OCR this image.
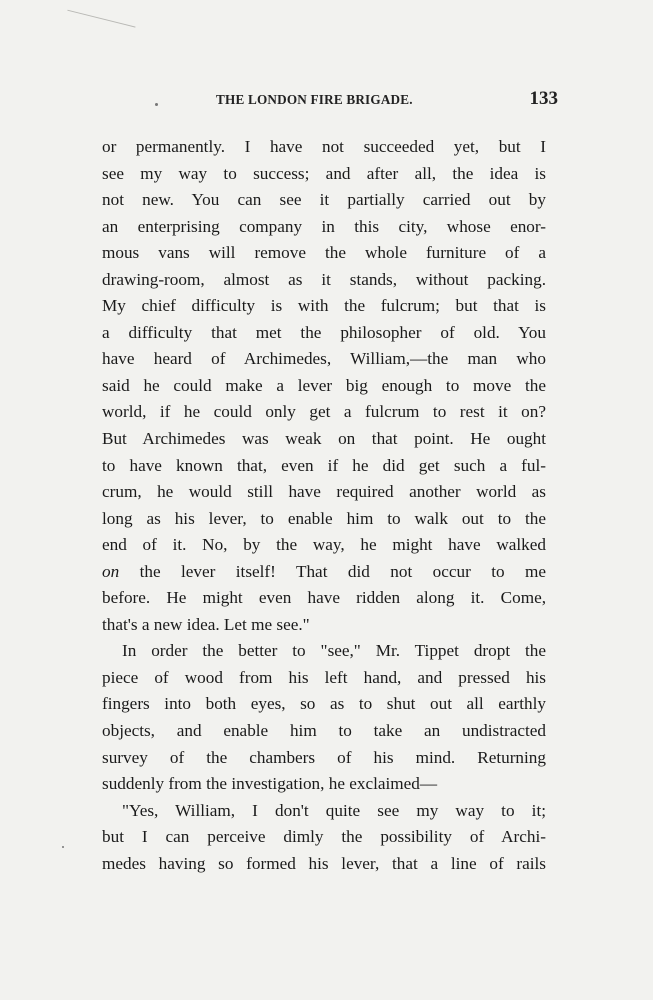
THE LONDON FIRE BRIGADE.	133
or permanently. I have not succeeded yet, but I
see my way to success; and after all, the idea is
not new. You can see it partially carried out by
an enterprising company in this city, whose enor-
mous vans will remove the whole furniture of a
drawing-room, almost as it stands, without packing.
My chief difficulty is with the fulcrum; but that is
a difficulty that met the philosopher of old. You
have heard of Archimedes, William,—the man who
said he could make a lever big enough to move the
world, if he could only get a fulcrum to rest it on?
But Archimedes was weak on that point. He ought
to have known that, even if he did get such a ful-
crum, he would still have required another world as
long as his lever, to enable him to walk out to the
end of it. No, by the way, he might have walked
on the lever itself! That did not occur to me
before. He might even have ridden along it. Come,
that's a new idea. Let me see."
In order the better to "see," Mr. Tippet dropt the
piece of wood from his left hand, and pressed his
fingers into both eyes, so as to shut out all earthly
objects, and enable him to take an undistracted
survey of the chambers of his mind. Returning
suddenly from the investigation, he exclaimed—
"Yes, William, I don't quite see my way to it;
but I can perceive dimly the possibility of Archi-
medes having so formed his lever, that a line of rails
